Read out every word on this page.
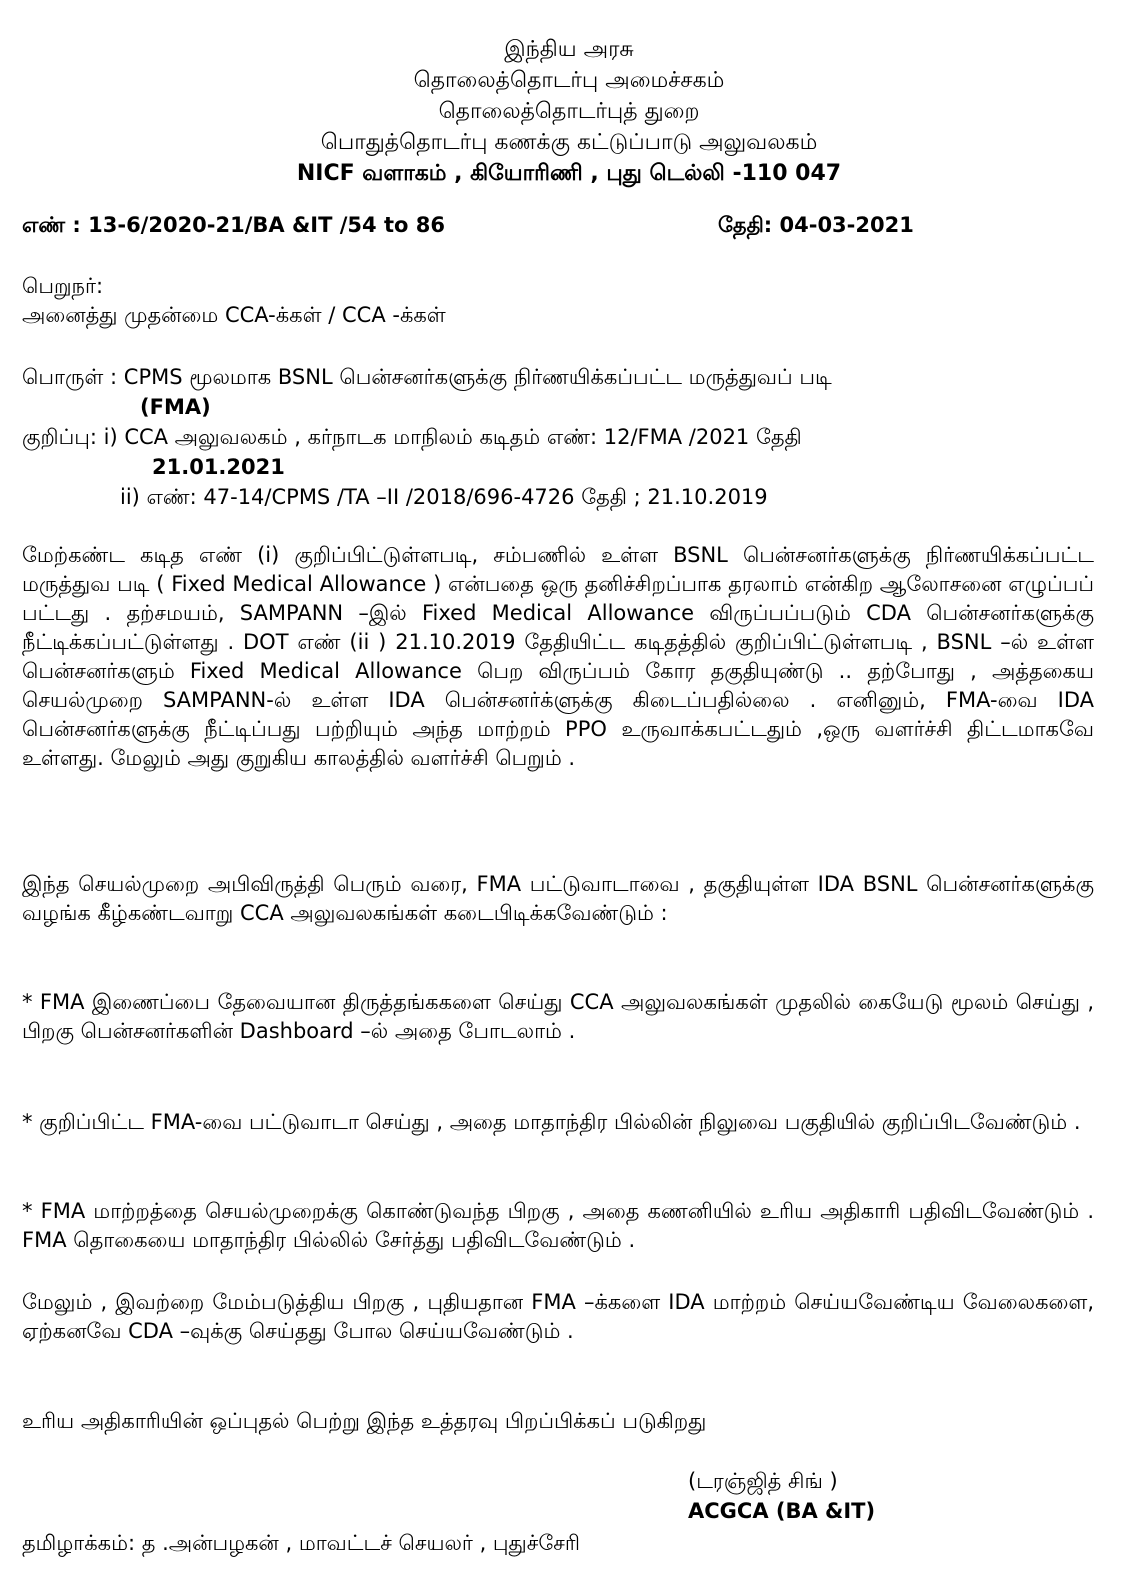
இந்திய அரசு
தொலைத்தொடர்பு அமைச்சகம்
தொலைத்தொடர்புத் துறை
பொதுத்தொடர்பு கணக்கு கட்டுப்பாடு அலுவலகம்
NICF வளாகம் , கியோரிணி , புது டெல்லி -110 047
எண் : 13-6/2020-21/BA &IT /54 to 86	தேதி: 04-03-2021
பெறுநர்:
அனைத்து முதன்மை CCA-க்கள் / CCA -க்கள்
பொருள் : CPMS மூலமாக BSNL பென்சனர்களுக்கு நிர்ணயிக்கப்பட்ட மருத்துவப் படி
(FMA)
குறிப்பு: i) CCA அலுவலகம் , கர்நாடக மாநிலம் கடிதம் எண்: 12/FMA /2021 தேதி
21.01.2021
ii) எண்: 47-14/CPMS /TA –II /2018/696-4726 தேதி ; 21.10.2019
மேற்கண்ட கடித எண் (i) குறிப்பிட்டுள்ளபடி, சம்பணில் உள்ள BSNL பென்சனர்களுக்கு நிர்ணயிக்கப்பட்ட மருத்துவ படி ( Fixed Medical Allowance ) என்பதை ஒரு தனிச்சிறப்பாக தரலாம் என்கிற ஆலோசனை எழுப்பப் பட்டது . தற்சமயம், SAMPANN –இல் Fixed Medical Allowance விருப்பப்படும் CDA பென்சனர்களுக்கு நீட்டிக்கப்பட்டுள்ளது . DOT எண் (ii ) 21.10.2019 தேதியிட்ட கடிதத்தில் குறிப்பிட்டுள்ளபடி , BSNL –ல் உள்ள பென்சனர்களும் Fixed Medical Allowance பெற விருப்பம் கோர தகுதியுண்டு .. தற்போது , அத்தகைய செயல்முறை SAMPANN-ல் உள்ள IDA பென்சனர்க்ளுக்கு கிடைப்பதில்லை . எனினும், FMA-வை IDA பென்சனர்களுக்கு நீட்டிப்பது பற்றியும் அந்த மாற்றம் PPO உருவாக்கபட்டதும் ,ஒரு வளர்ச்சி திட்டமாகவே உள்ளது. மேலும் அது குறுகிய காலத்தில் வளர்ச்சி பெறும் .
இந்த செயல்முறை அபிவிருத்தி பெரும் வரை, FMA பட்டுவாடாவை , தகுதியுள்ள IDA BSNL பென்சனர்களுக்கு வழங்க கீழ்கண்டவாறு CCA அலுவலகங்கள் கடைபிடிக்கவேண்டும் :
* FMA இணைப்பை தேவையான திருத்தங்ககளை செய்து CCA அலுவலகங்கள் முதலில் கையேடு மூலம் செய்து , பிறகு பென்சனர்களின் Dashboard –ல் அதை போடலாம் .
* குறிப்பிட்ட FMA-வை பட்டுவாடா செய்து , அதை மாதாந்திர பில்லின் நிலுவை பகுதியில் குறிப்பிடவேண்டும் .
* FMA மாற்றத்தை செயல்முறைக்கு கொண்டுவந்த பிறகு , அதை கணனியில் உரிய அதிகாரி பதிவிடவேண்டும் . FMA தொகையை மாதாந்திர பில்லில் சேர்த்து பதிவிடவேண்டும் .
மேலும் , இவற்றை மேம்படுத்திய பிறகு , புதியதான FMA –க்களை IDA மாற்றம் செய்யவேண்டிய வேலைகளை, ஏற்கனவே CDA –வுக்கு செய்தது போல செய்யவேண்டும் .
உரிய அதிகாரியின் ஒப்புதல் பெற்று இந்த உத்தரவு பிறப்பிக்கப் படுகிறது
(டரஞ்ஜித் சிங் )
ACGCA (BA &IT)
தமிழாக்கம்: த .அன்பழகன் , மாவட்டச் செயலர் , புதுச்சேரி
